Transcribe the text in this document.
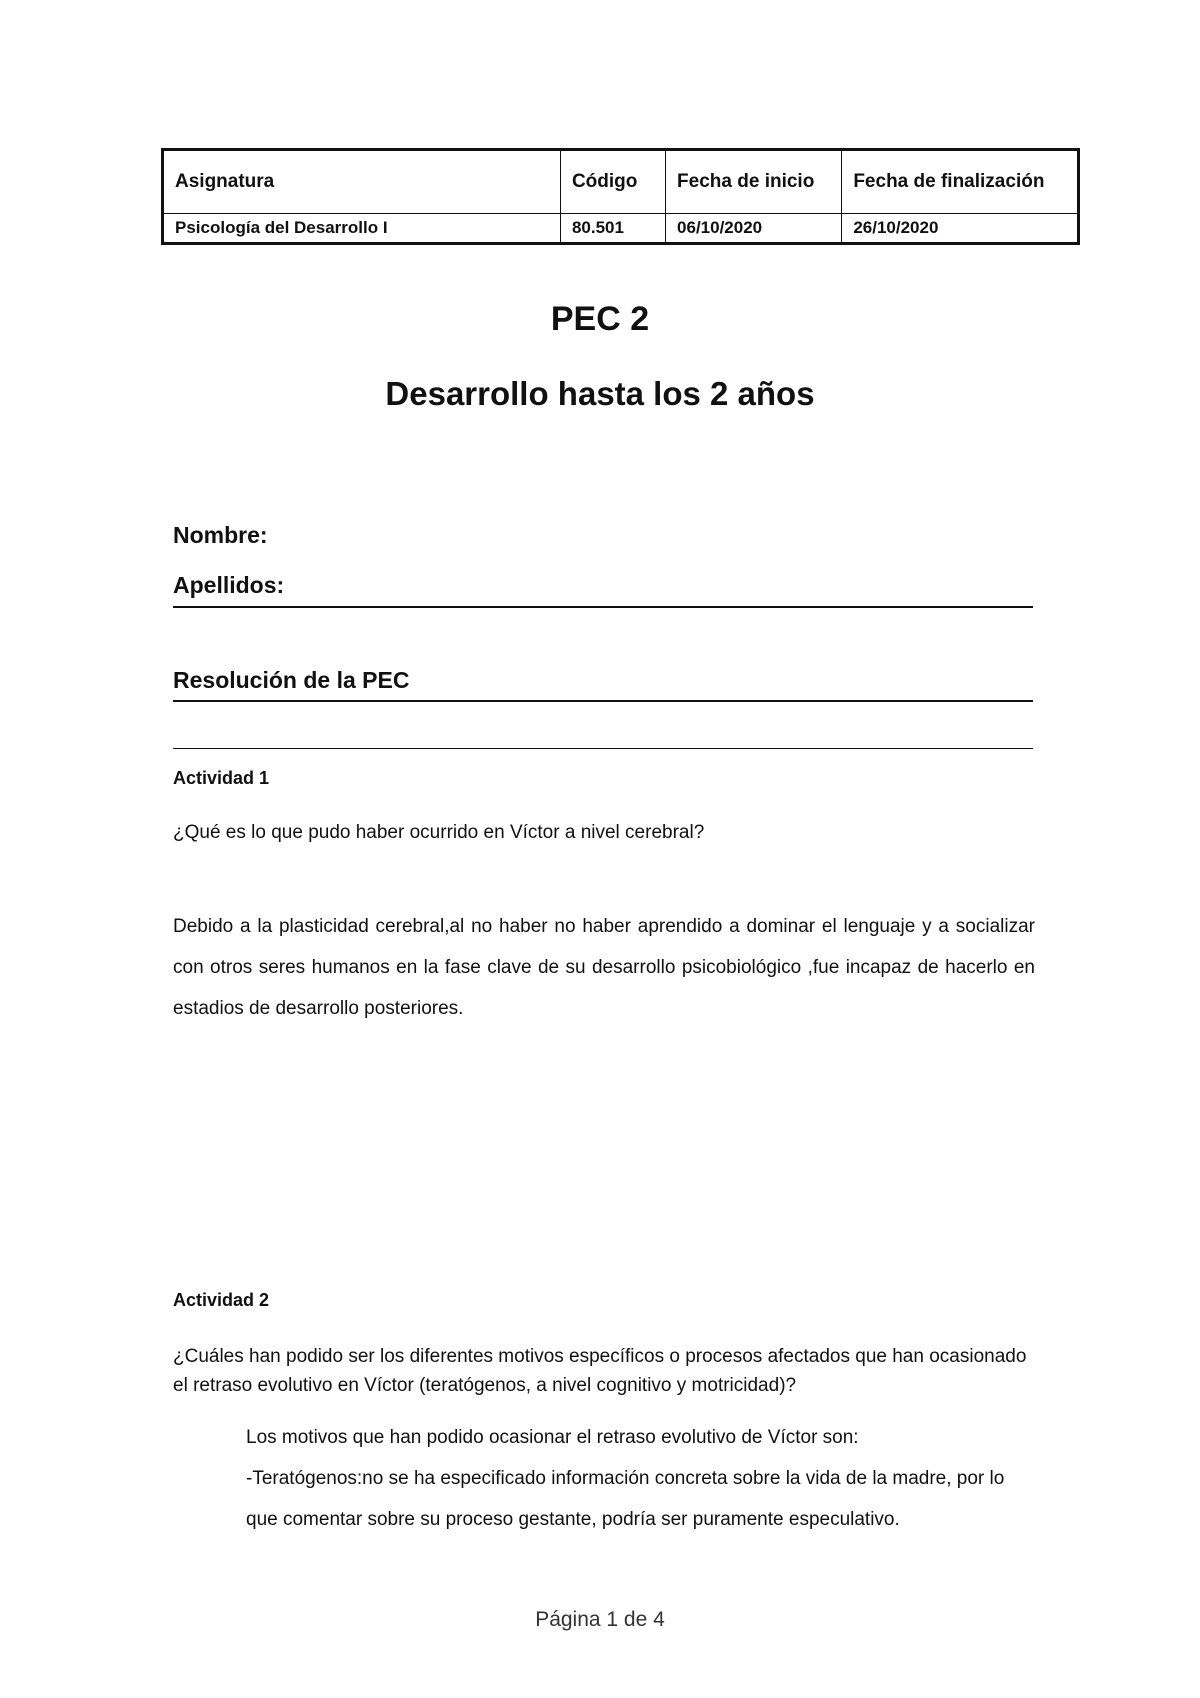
Asignatura	Código	Fecha de inicio	Fecha de finalización
Psicología del Desarrollo I	80.501	06/10/2020	26/10/2020
PEC 2
Desarrollo hasta los 2 años
Nombre:
Apellidos:
Resolución de la PEC
Actividad 1
¿Qué es lo que pudo haber ocurrido en Víctor a nivel cerebral?
Debido a la plasticidad cerebral,al no haber no haber aprendido a dominar el lenguaje y a socializar con otros seres humanos en la fase clave de su desarrollo psicobiológico ,fue incapaz de hacerlo en estadios de desarrollo posteriores.
Actividad 2
¿Cuáles han podido ser los diferentes motivos específicos o procesos afectados que han ocasionado el retraso evolutivo en Víctor (teratógenos, a nivel cognitivo y motricidad)?
Los motivos que han podido ocasionar el retraso evolutivo de Víctor son:
-Teratógenos:no se ha especificado información concreta sobre la vida de la madre, por lo que comentar sobre su proceso gestante, podría ser puramente especulativo.
Página 1 de 4
